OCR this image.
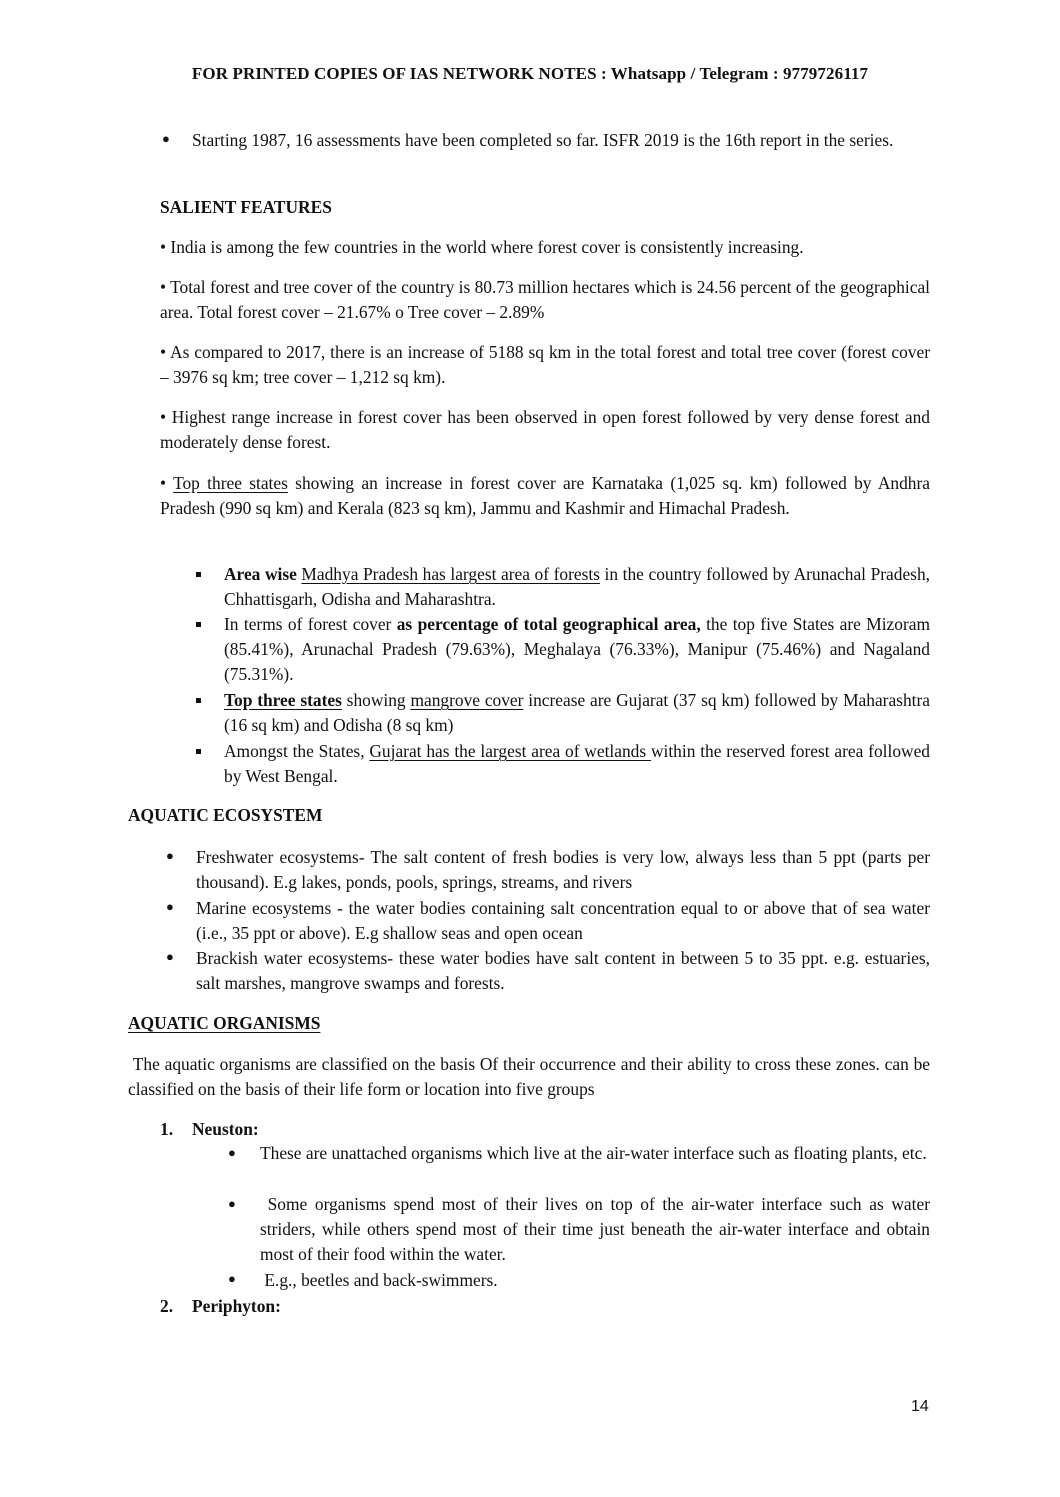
FOR PRINTED COPIES OF IAS NETWORK NOTES : Whatsapp / Telegram : 9779726117
● Starting 1987, 16 assessments have been completed so far. ISFR 2019 is the 16th report in the series.
SALIENT FEATURES
• India is among the few countries in the world where forest cover is consistently increasing.
• Total forest and tree cover of the country is 80.73 million hectares which is 24.56 percent of the geographical area. Total forest cover – 21.67% o Tree cover – 2.89%
• As compared to 2017, there is an increase of 5188 sq km in the total forest and total tree cover (forest cover – 3976 sq km; tree cover – 1,212 sq km).
• Highest range increase in forest cover has been observed in open forest followed by very dense forest and moderately dense forest.
• Top three states showing an increase in forest cover are Karnataka (1,025 sq. km) followed by Andhra Pradesh (990 sq km) and Kerala (823 sq km), Jammu and Kashmir and Himachal Pradesh.
Area wise Madhya Pradesh has largest area of forests in the country followed by Arunachal Pradesh, Chhattisgarh, Odisha and Maharashtra.
In terms of forest cover as percentage of total geographical area, the top five States are Mizoram (85.41%), Arunachal Pradesh (79.63%), Meghalaya (76.33%), Manipur (75.46%) and Nagaland (75.31%).
Top three states showing mangrove cover increase are Gujarat (37 sq km) followed by Maharashtra (16 sq km) and Odisha (8 sq km)
Amongst the States, Gujarat has the largest area of wetlands within the reserved forest area followed by West Bengal.
AQUATIC ECOSYSTEM
● Freshwater ecosystems- The salt content of fresh bodies is very low, always less than 5 ppt (parts per thousand). E.g lakes, ponds, pools, springs, streams, and rivers
● Marine ecosystems - the water bodies containing salt concentration equal to or above that of sea water (i.e., 35 ppt or above). E.g shallow seas and open ocean
● Brackish water ecosystems- these water bodies have salt content in between 5 to 35 ppt. e.g. estuaries, salt marshes, mangrove swamps and forests.
AQUATIC ORGANISMS
The aquatic organisms are classified on the basis Of their occurrence and their ability to cross these zones. can be classified on the basis of their life form or location into five groups
1. Neuston:
● These are unattached organisms which live at the air-water interface such as floating plants, etc.
● Some organisms spend most of their lives on top of the air-water interface such as water striders, while others spend most of their time just beneath the air-water interface and obtain most of their food within the water.
● E.g., beetles and back-swimmers.
2. Periphyton:
14
